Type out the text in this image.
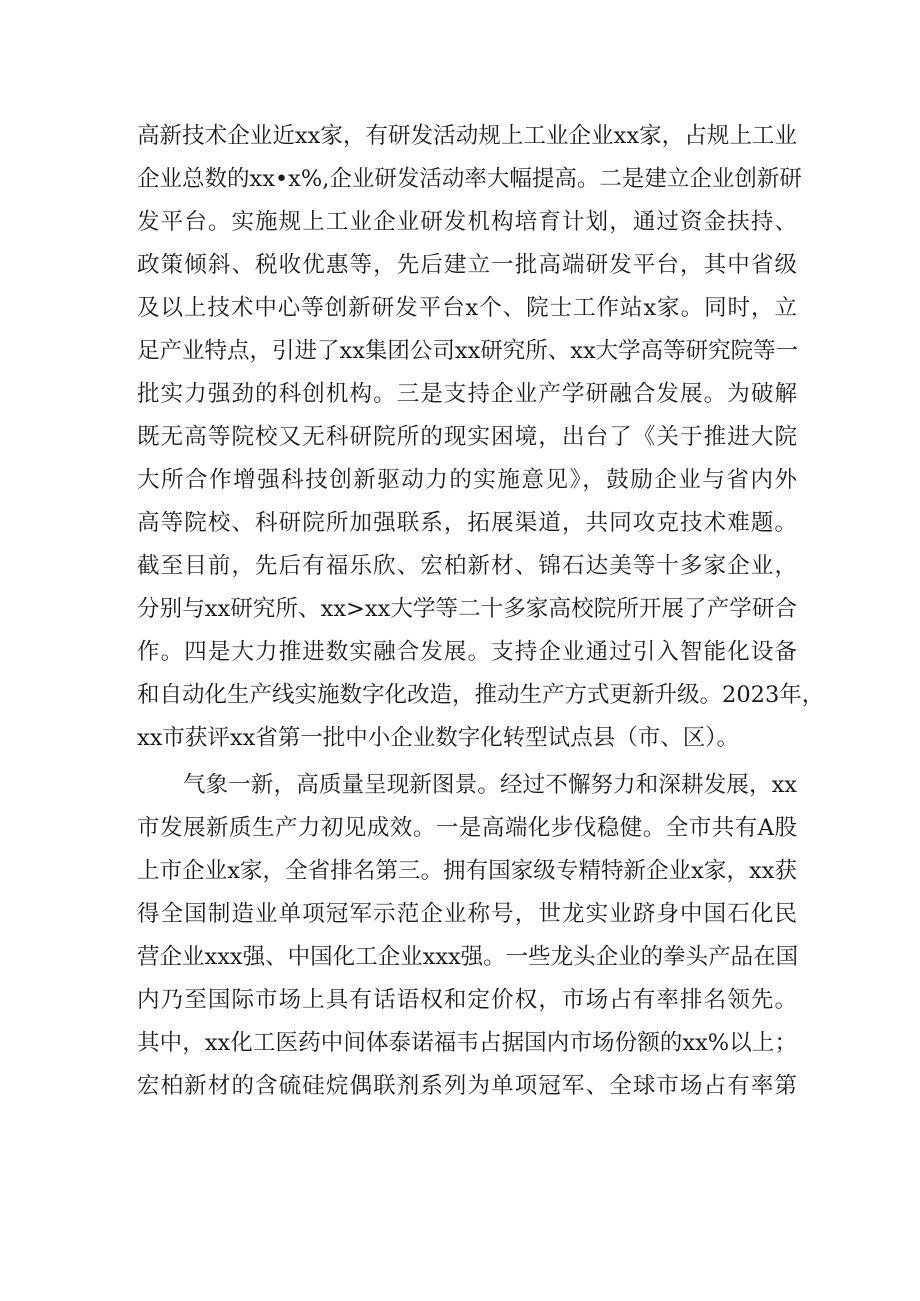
高新技术企业近xx家，有研发活动规上工业企业xx家，占规上工业
企业总数的xx•x%,企业研发活动率大幅提高。二是建立企业创新研
发平台。实施规上工业企业研发机构培育计划，通过资金扶持、
政策倾斜、税收优惠等，先后建立一批高端研发平台，其中省级
及以上技术中心等创新研发平台x个、院士工作站x家。同时，立
足产业特点，引进了xx集团公司xx研究所、xx大学高等研究院等一
批实力强劲的科创机构。三是支持企业产学研融合发展。为破解
既无高等院校又无科研院所的现实困境，出台了《关于推进大院
大所合作增强科技创新驱动力的实施意见》，鼓励企业与省内外
高等院校、科研院所加强联系，拓展渠道，共同攻克技术难题。
截至目前，先后有福乐欣、宏柏新材、锦石达美等十多家企业，
分别与xx研究所、xx>xx大学等二十多家高校院所开展了产学研合
作。四是大力推进数实融合发展。支持企业通过引入智能化设备
和自动化生产线实施数字化改造，推动生产方式更新升级。2023年，
xx市获评xx省第一批中小企业数字化转型试点县（市、区）。
气象一新，高质量呈现新图景。经过不懈努力和深耕发展，xx
市发展新质生产力初见成效。一是高端化步伐稳健。全市共有A股
上市企业x家，全省排名第三。拥有国家级专精特新企业x家，xx获
得全国制造业单项冠军示范企业称号，世龙实业跻身中国石化民
营企业xxx强、中国化工企业xxx强。一些龙头企业的拳头产品在国
内乃至国际市场上具有话语权和定价权，市场占有率排名领先。
其中，xx化工医药中间体泰诺福韦占据国内市场份额的xx%以上；
宏柏新材的含硫硅烷偶联剂系列为单项冠军、全球市场占有率第
